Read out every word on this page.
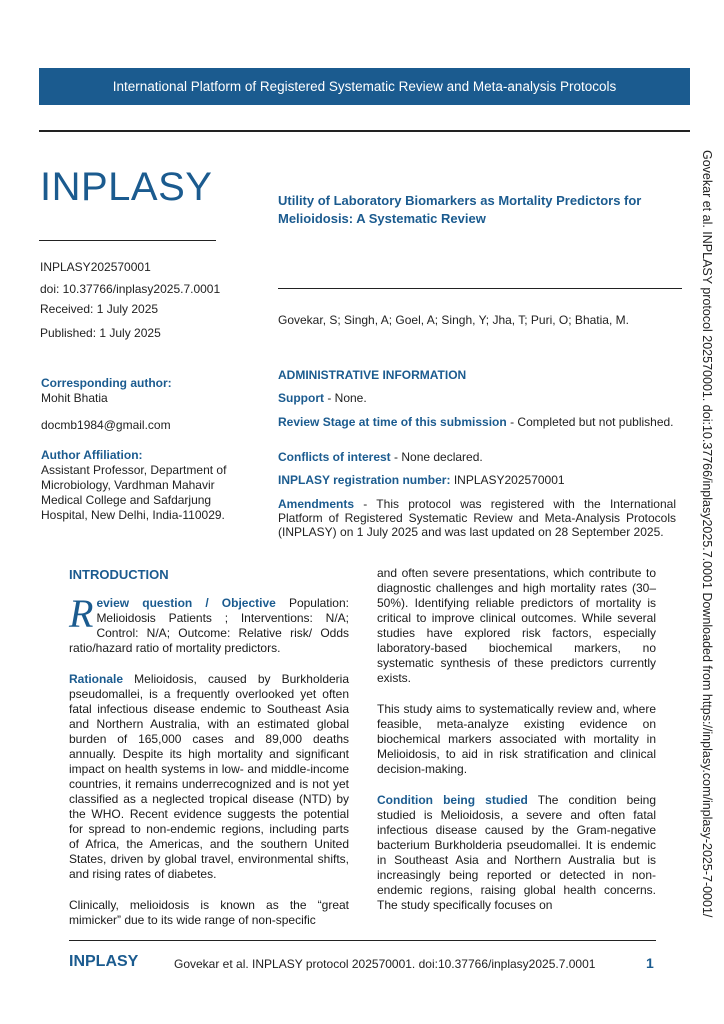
International Platform of Registered Systematic Review and Meta-analysis Protocols
INPLASY
INPLASY202570001
doi: 10.37766/inplasy2025.7.0001
Received: 1 July 2025
Published: 1 July 2025
Utility of Laboratory Biomarkers as Mortality Predictors for Melioidosis: A Systematic Review
Govekar, S; Singh, A; Goel, A; Singh, Y; Jha, T; Puri, O; Bhatia, M.
Corresponding author:
Mohit Bhatia
docmb1984@gmail.com
Author Affiliation:
Assistant Professor, Department of
Microbiology, Vardhman Mahavir
Medical College and Safdarjung
Hospital, New Delhi, India-110029.
ADMINISTRATIVE INFORMATION
Support - None.
Review Stage at time of this submission - Completed but not published.
Conflicts of interest - None declared.
INPLASY registration number: INPLASY202570001
Amendments - This protocol was registered with the International Platform of Registered Systematic Review and Meta-Analysis Protocols (INPLASY) on 1 July 2025 and was last updated on 28 September 2025.
INTRODUCTION

Review question / Objective Population: Melioidosis Patients ; Interventions: N/A; Control: N/A; Outcome: Relative risk/ Odds ratio/hazard ratio of mortality predictors.

Rationale Melioidosis, caused by Burkholderia pseudomallei, is a frequently overlooked yet often fatal infectious disease endemic to Southeast Asia and Northern Australia, with an estimated global burden of 165,000 cases and 89,000 deaths annually. Despite its high mortality and significant impact on health systems in low- and middle-income countries, it remains underrecognized and is not yet classified as a neglected tropical disease (NTD) by the WHO. Recent evidence suggests the potential for spread to non-endemic regions, including parts of Africa, the Americas, and the southern United States, driven by global travel, environmental shifts, and rising rates of diabetes.

Clinically, melioidosis is known as the “great mimicker” due to its wide range of non-specific

and often severe presentations, which contribute to diagnostic challenges and high mortality rates (30–50%). Identifying reliable predictors of mortality is critical to improve clinical outcomes. While several studies have explored risk factors, especially laboratory-based biochemical markers, no systematic synthesis of these predictors currently exists.

This study aims to systematically review and, where feasible, meta-analyze existing evidence on biochemical markers associated with mortality in Melioidosis, to aid in risk stratification and clinical decision-making.

Condition being studied The condition being studied is Melioidosis, a severe and often fatal infectious disease caused by the Gram-negative bacterium Burkholderia pseudomallei. It is endemic in Southeast Asia and Northern Australia but is increasingly being reported or detected in non-endemic regions, raising global health concerns. The study specifically focuses on

INPLASY	Govekar et al. INPLASY protocol 202570001. doi:10.37766/inplasy2025.7.0001	1
Govekar et al. INPLASY protocol 202570001. doi:10.37766/inplasy2025.7.0001 Downloaded from https://inplasy.com/inplasy-2025-7-0001/
